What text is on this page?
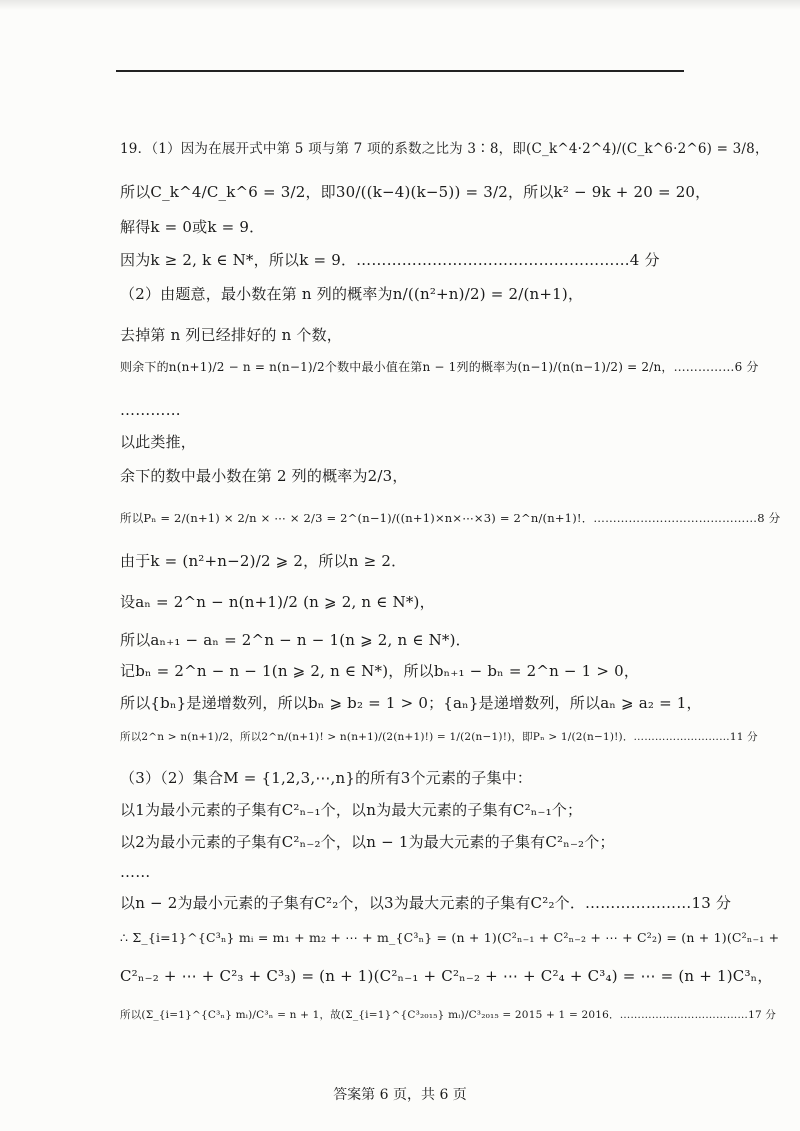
19．（1）因为在展开式中第 5 项与第 7 项的系数之比为 3∶8，即(C_k^4·2^4)/(C_k^6·2^6) = 3/8，
所以C_k^4/C_k^6 = 3/2，即30/((k−4)(k−5)) = 3/2，所以k² − 9k + 20 = 20，
解得k = 0或k = 9．
因为k ≥ 2, k ∈ N*，所以k = 9．………………………………………………4 分
（2）由题意，最小数在第 n 列的概率为n/((n²+n)/2) = 2/(n+1)，
去掉第 n 列已经排好的 n 个数，
则余下的n(n+1)/2 − n = n(n−1)/2个数中最小值在第n − 1列的概率为(n−1)/(n(n−1)/2) = 2/n，……………6 分
…………
以此类推，
余下的数中最小数在第 2 列的概率为2/3，
所以Pₙ = 2/(n+1) × 2/n × ⋯ × 2/3 = 2^(n−1)/((n+1)×n×⋯×3) = 2^n/(n+1)!．……………………………………8 分
由于k = (n²+n−2)/2 ⩾ 2，所以n ≥ 2．
设aₙ = 2^n − n(n+1)/2 (n ⩾ 2, n ∈ N*)，
所以aₙ₊₁ − aₙ = 2^n − n − 1(n ⩾ 2, n ∈ N*)．
记bₙ = 2^n − n − 1(n ⩾ 2, n ∈ N*)，所以bₙ₊₁ − bₙ = 2^n − 1 > 0，
所以{bₙ}是递增数列，所以bₙ ⩾ b₂ = 1 > 0；{aₙ}是递增数列，所以aₙ ⩾ a₂ = 1，
所以2^n > n(n+1)/2，所以2^n/(n+1)! > n(n+1)/(2(n+1)!) = 1/(2(n−1)!)，即Pₙ > 1/(2(n−1)!)．………………………11 分
（3）（2）集合M = {1,2,3,⋯,n}的所有3个元素的子集中：
以1为最小元素的子集有C²ₙ₋₁个，以n为最大元素的子集有C²ₙ₋₁个；
以2为最小元素的子集有C²ₙ₋₂个，以n − 1为最大元素的子集有C²ₙ₋₂个；
……
以n − 2为最小元素的子集有C²₂个，以3为最大元素的子集有C²₂个．…………………13 分
∴ Σ_{i=1}^{C³ₙ} mᵢ = m₁ + m₂ + ⋯ + m_{C³ₙ} = (n + 1)(C²ₙ₋₁ + C²ₙ₋₂ + ⋯ + C²₂) = (n + 1)(C²ₙ₋₁ +
C²ₙ₋₂ + ⋯ + C²₃ + C³₃) = (n + 1)(C²ₙ₋₁ + C²ₙ₋₂ + ⋯ + C²₄ + C³₄) = ⋯ = (n + 1)C³ₙ，
所以(Σ_{i=1}^{C³ₙ} mᵢ)/C³ₙ = n + 1，故(Σ_{i=1}^{C³₂₀₁₅} mᵢ)/C³₂₀₁₅ = 2015 + 1 = 2016．………………………………17 分
答案第 6 页，共 6 页
